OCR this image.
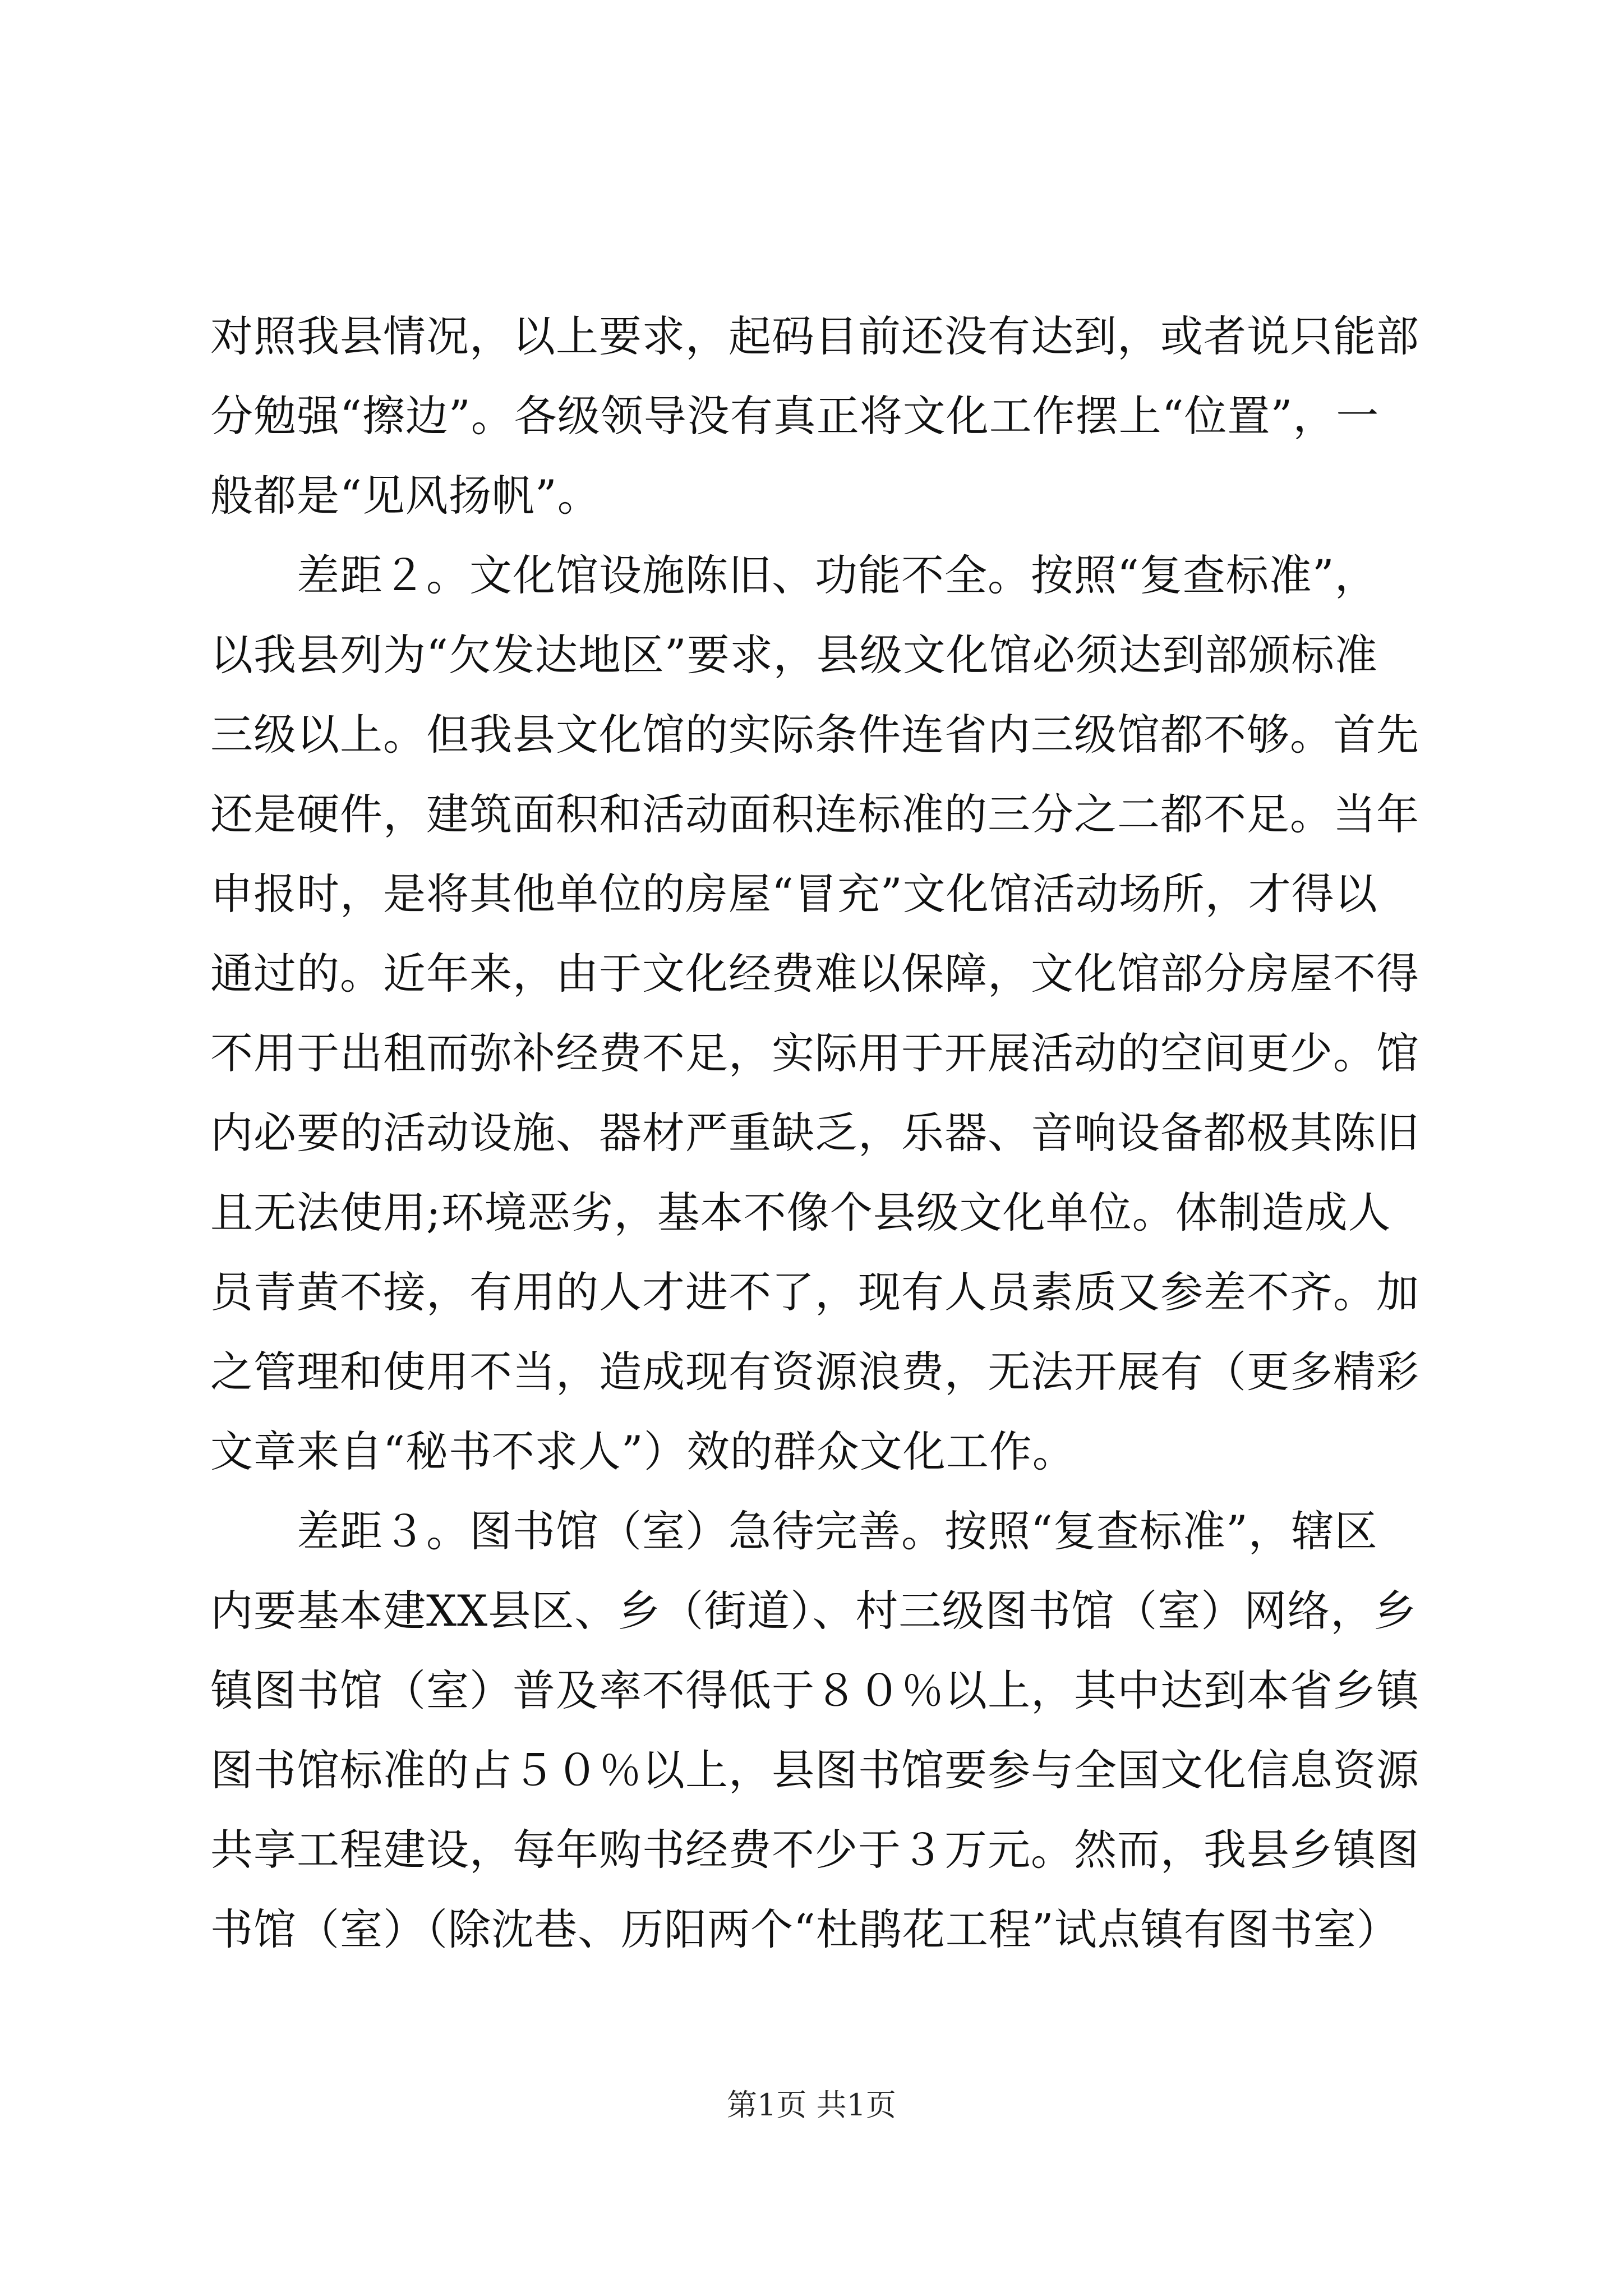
对照我县情况，以上要求，起码目前还没有达到，或者说只能部
分勉强“擦边”。各级领导没有真正将文化工作摆上“位置”，一
般都是“见风扬帆”。
　　差距２。文化馆设施陈旧、功能不全。按照“复查标准”，
以我县列为“欠发达地区”要求，县级文化馆必须达到部颁标准
三级以上。但我县文化馆的实际条件连省内三级馆都不够。首先
还是硬件，建筑面积和活动面积连标准的三分之二都不足。当年
申报时，是将其他单位的房屋“冒充”文化馆活动场所，才得以
通过的。近年来，由于文化经费难以保障，文化馆部分房屋不得
不用于出租而弥补经费不足，实际用于开展活动的空间更少。馆
内必要的活动设施、器材严重缺乏，乐器、音响设备都极其陈旧
且无法使用;环境恶劣，基本不像个县级文化单位。体制造成人
员青黄不接，有用的人才进不了，现有人员素质又参差不齐。加
之管理和使用不当，造成现有资源浪费，无法开展有（更多精彩
文章来自“秘书不求人”）效的群众文化工作。
　　差距３。图书馆（室）急待完善。按照“复查标准”，辖区
内要基本建XX县区、乡（街道）、村三级图书馆（室）网络，乡
镇图书馆（室）普及率不得低于８０％以上，其中达到本省乡镇
图书馆标准的占５０％以上，县图书馆要参与全国文化信息资源
共享工程建设，每年购书经费不少于３万元。然而，我县乡镇图
书馆（室）（除沈巷、历阳两个“杜鹃花工程”试点镇有图书室）
第1页 共1页
